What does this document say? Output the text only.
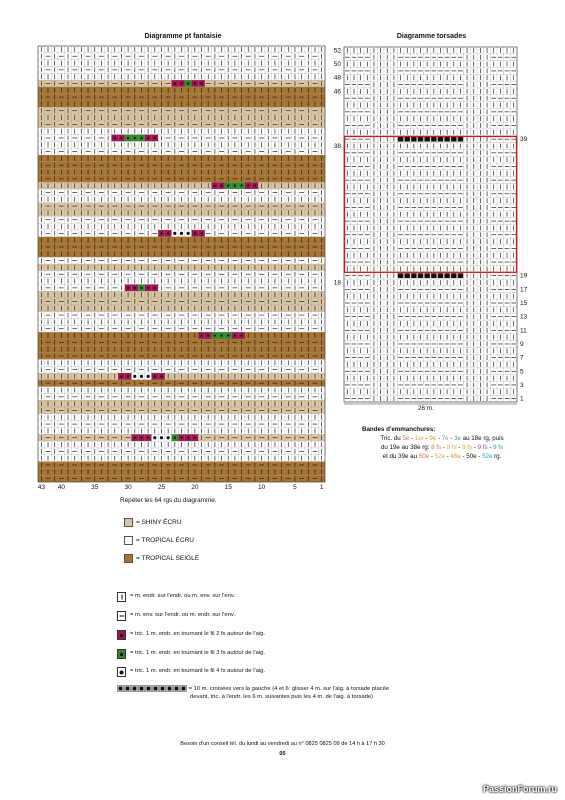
Diagramme pt fantaisie	Diagramme torsades
43 40	35	30	25	20	15	10	5	1
52
50
48
46
38
18
39
19
17
15
13
11
9
7
5
3
1
Répéter les 64 rgs du diagramme.
26 m.
Bandes d'emmanchures:
Tric. du 5e - 1er - 9e - 7e - 3e au 18e rg, puis
du 19e au 38e rg: 8 fs - 8 fs - 9 fs - 9 fs - 9 fs
et du 39e au 50e - 52e - 46e - 50e - 52e rg.
= SHINY ÉCRU
= TROPICAL ÉCRU
= TROPICAL SEIGLE
= m. endr. sur l'endr. ou m. env. sur l'env.
= m. env. sur l'endr. ou m. endr. sur l'env.
= tric. 1 m. endr. en tournant le fil 2 fs autour de l'aig.
= tric. 1 m. endr. en tournant le fil 3 fs autour de l'aig.
= tric. 1 m. endr. en tournant le fil 4 fs autour de l'aig.
= 10 m. croisées vers la gauche (4 et 6: glisser 4 m. sur l'aig. à torsade placée
devant, tric. à l'endr. les 6 m. suivantes puis les 4 m. de l'aig. à torsade)
Besoin d'un conseil tél. du lundi au vendredi au n° 0825 0825 09 de 14 h à 17 h 30
05
PassionForum.ru
